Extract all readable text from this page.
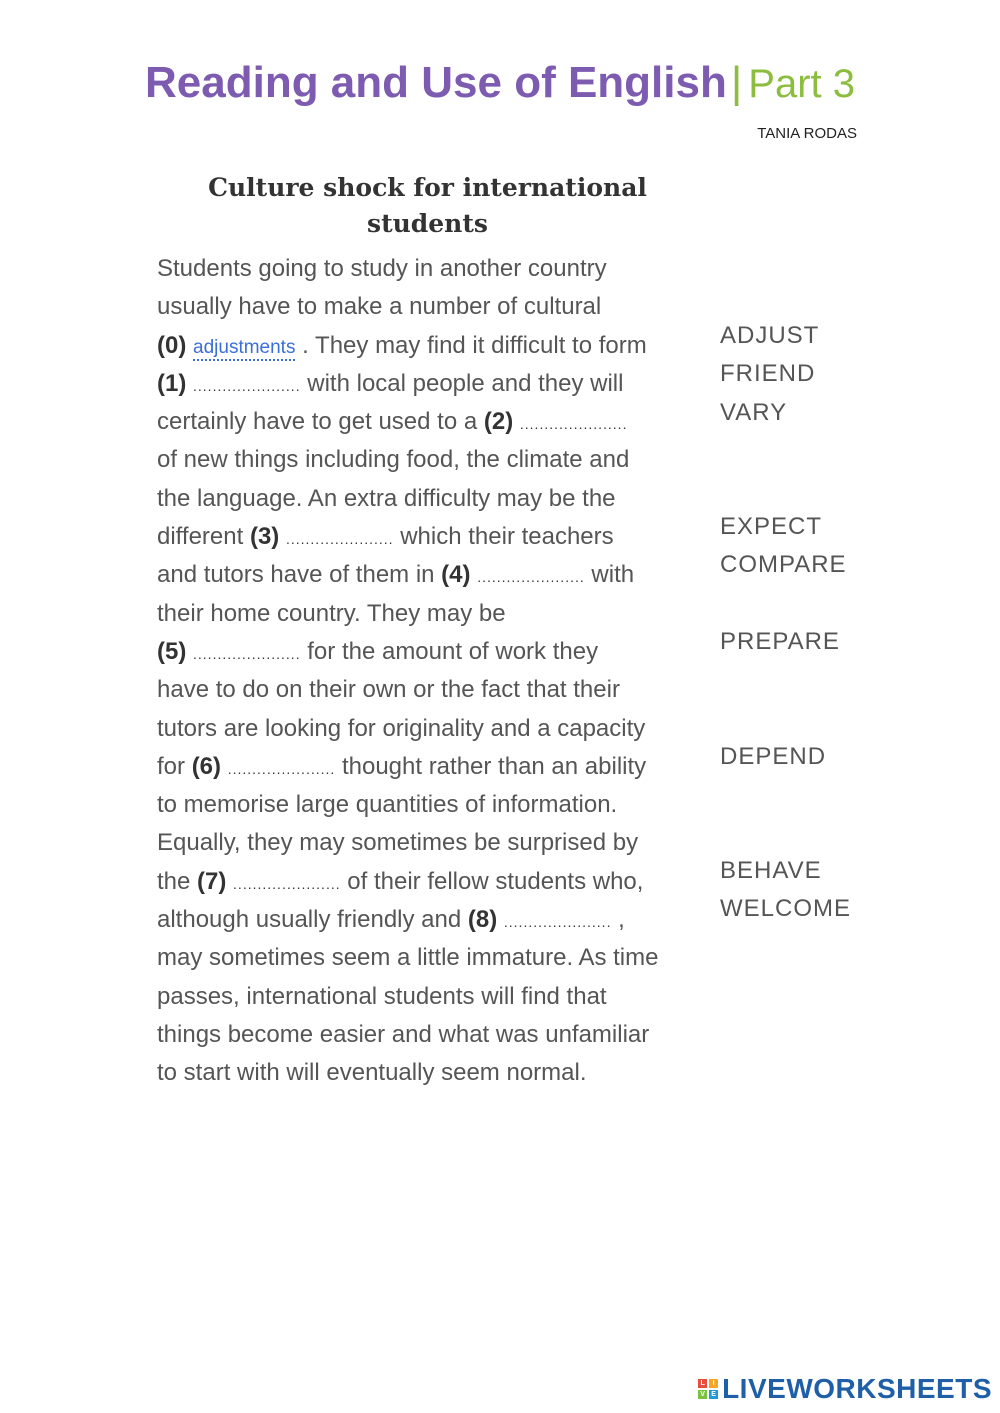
Reading and Use of English| Part 3
TANIA RODAS
Culture shock for international
students
Students going to study in another country
usually have to make a number of cultural
(0) adjustments . They may find it difficult to form
(1) ...................... with local people and they will
certainly have to get used to a (2) ......................
of new things including food, the climate and
the language. An extra difficulty may be the
different (3) ...................... which their teachers
and tutors have of them in (4) ...................... with
their home country. They may be
(5) ...................... for the amount of work they
have to do on their own or the fact that their
tutors are looking for originality and a capacity
for (6) ...................... thought rather than an ability
to memorise large quantities of information.
Equally, they may sometimes be surprised by
the (7) ...................... of their fellow students who,
although usually friendly and (8) ...................... ,
may sometimes seem a little immature. As time
passes, international students will find that
things become easier and what was unfamiliar
to start with will eventually seem normal.
ADJUST
FRIEND
VARY
EXPECT
COMPARE
PREPARE
DEPEND
BEHAVE
WELCOME
L	I
V E LIVEWORKSHEETS
